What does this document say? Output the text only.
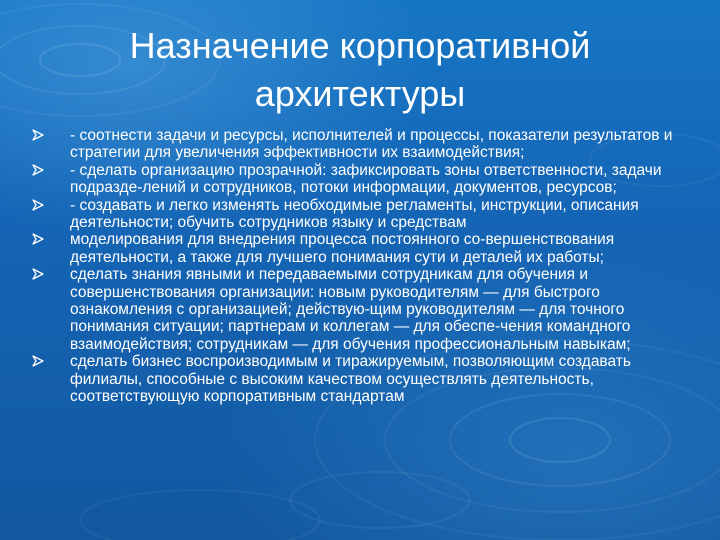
Назначение корпоративной архитектуры
- соотнести задачи и ресурсы, исполнителей и процессы, показатели результатов и стратегии для увеличения эффективности их взаимодействия;
- сделать организацию прозрачной: зафиксировать зоны ответственности, задачи подразде-лений и сотрудников, потоки информации, документов, ресурсов;
- создавать и легко изменять необходимые регламенты, инструкции, описания деятельности; обучить сотрудников языку и средствам
моделирования для внедрения процесса постоянного со-вершенствования деятельности, а также для лучшего понимания сути и деталей их работы;
сделать знания явными и передаваемыми сотрудникам для обучения и совершенствования организации: новым руководителям — для быстрого ознакомления с организацией; действую-щим руководителям — для точного понимания ситуации; партнерам и коллегам — для обеспе-чения командного взаимодействия; сотрудникам — для обучения профессиональным навыкам;
сделать бизнес воспроизводимым и тиражируемым, позволяющим создавать филиалы, способные с высоким качеством осуществлять деятельность, соответствующую корпоративным стандартам
